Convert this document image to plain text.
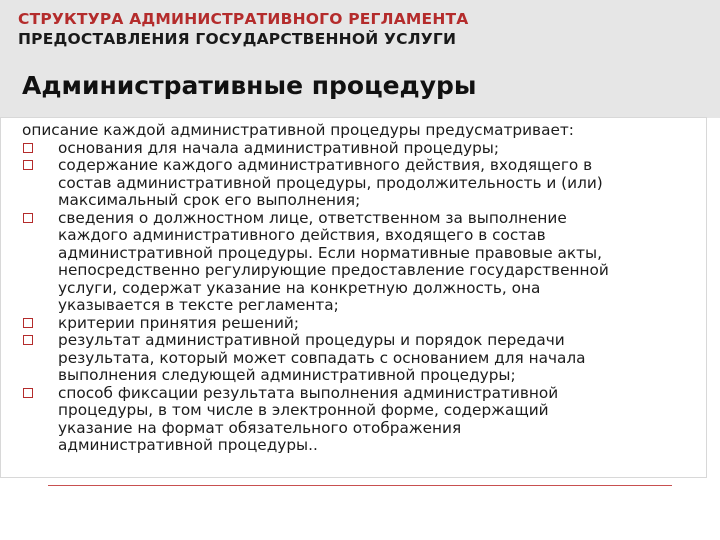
СТРУКТУРА АДМИНИСТРАТИВНОГО РЕГЛАМЕНТА
ПРЕДОСТАВЛЕНИЯ ГОСУДАРСТВЕННОЙ УСЛУГИ
Административные процедуры

описание каждой административной процедуры предусматривает:

основания для начала административной процедуры;
содержание каждого административного действия, входящего в
состав административной процедуры, продолжительность и (или)
максимальный срок его выполнения;
сведения о должностном лице, ответственном за выполнение
каждого административного действия, входящего в состав
административной процедуры. Если нормативные правовые акты,
непосредственно регулирующие предоставление государственной
услуги, содержат указание на конкретную должность, она
указывается в тексте регламента;
критерии принятия решений;
результат административной процедуры и порядок передачи
результата, который может совпадать с основанием для начала
выполнения следующей административной процедуры;
способ фиксации результата выполнения административной
процедуры, в том числе в электронной форме, содержащий
указание на формат обязательного отображения
административной процедуры..
